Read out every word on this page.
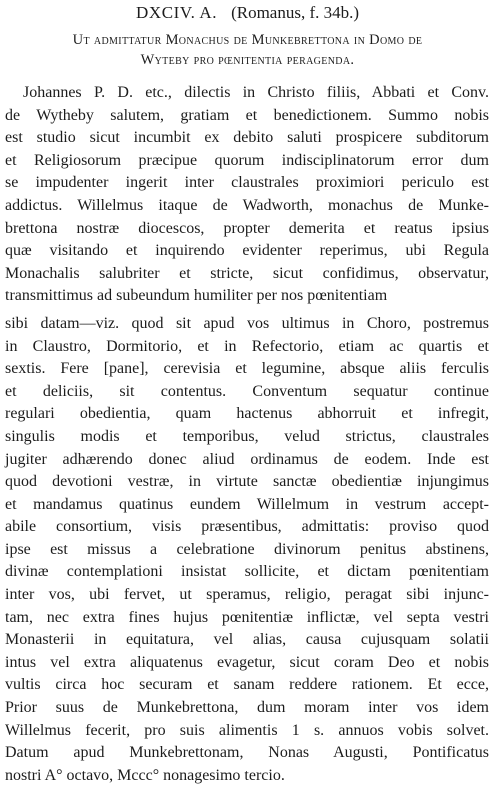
DXCIV. A. (Romanus, f. 34b.)
Ut admittatur Monachus de Munkebrettona in Domo de
Wyteby pro pœnitentia peragenda.
Johannes P. D. etc., dilectis in Christo filiis, Abbati et Conv.
de Wytheby salutem, gratiam et benedictionem. Summo nobis
est studio sicut incumbit ex debito saluti prospicere subditorum
et Religiosorum præcipue quorum indisciplinatorum error dum
se impudenter ingerit inter claustrales proximiori periculo est
addictus. Willelmus itaque de Wadworth, monachus de Munke-
brettona nostræ diocescos, propter demerita et reatus ipsius
quæ visitando et inquirendo evidenter reperimus, ubi Regula
Monachalis salubriter et stricte, sicut confidimus, observatur,
transmittimus ad subeundum humiliter per nos pœnitentiam
sibi datam—viz. quod sit apud vos ultimus in Choro, postremus
in Claustro, Dormitorio, et in Refectorio, etiam ac quartis et
sextis. Fere [pane], cerevisia et legumine, absque aliis ferculis
et deliciis, sit contentus. Conventum sequatur continue
regulari obedientia, quam hactenus abhorruit et infregit,
singulis modis et temporibus, velud strictus, claustrales
jugiter adhærendo donec aliud ordinamus de eodem. Inde est
quod devotioni vestræ, in virtute sanctæ obedientiæ injungimus
et mandamus quatinus eundem Willelmum in vestrum accept-
abile consortium, visis præsentibus, admittatis: proviso quod
ipse est missus a celebratione divinorum penitus abstinens,
divinæ contemplationi insistat sollicite, et dictam pœnitentiam
inter vos, ubi fervet, ut speramus, religio, peragat sibi injunc-
tam, nec extra fines hujus pœnitentiæ inflictæ, vel septa vestri
Monasterii in equitatura, vel alias, causa cujusquam solatii
intus vel extra aliquatenus evagetur, sicut coram Deo et nobis
vultis circa hoc securam et sanam reddere rationem. Et ecce,
Prior suus de Munkebrettona, dum moram inter vos idem
Willelmus fecerit, pro suis alimentis 1 s. annuos vobis solvet.
Datum apud Munkebrettonam, Nonas Augusti, Pontificatus
nostri A° octavo, Mccc° nonagesimo tercio.
